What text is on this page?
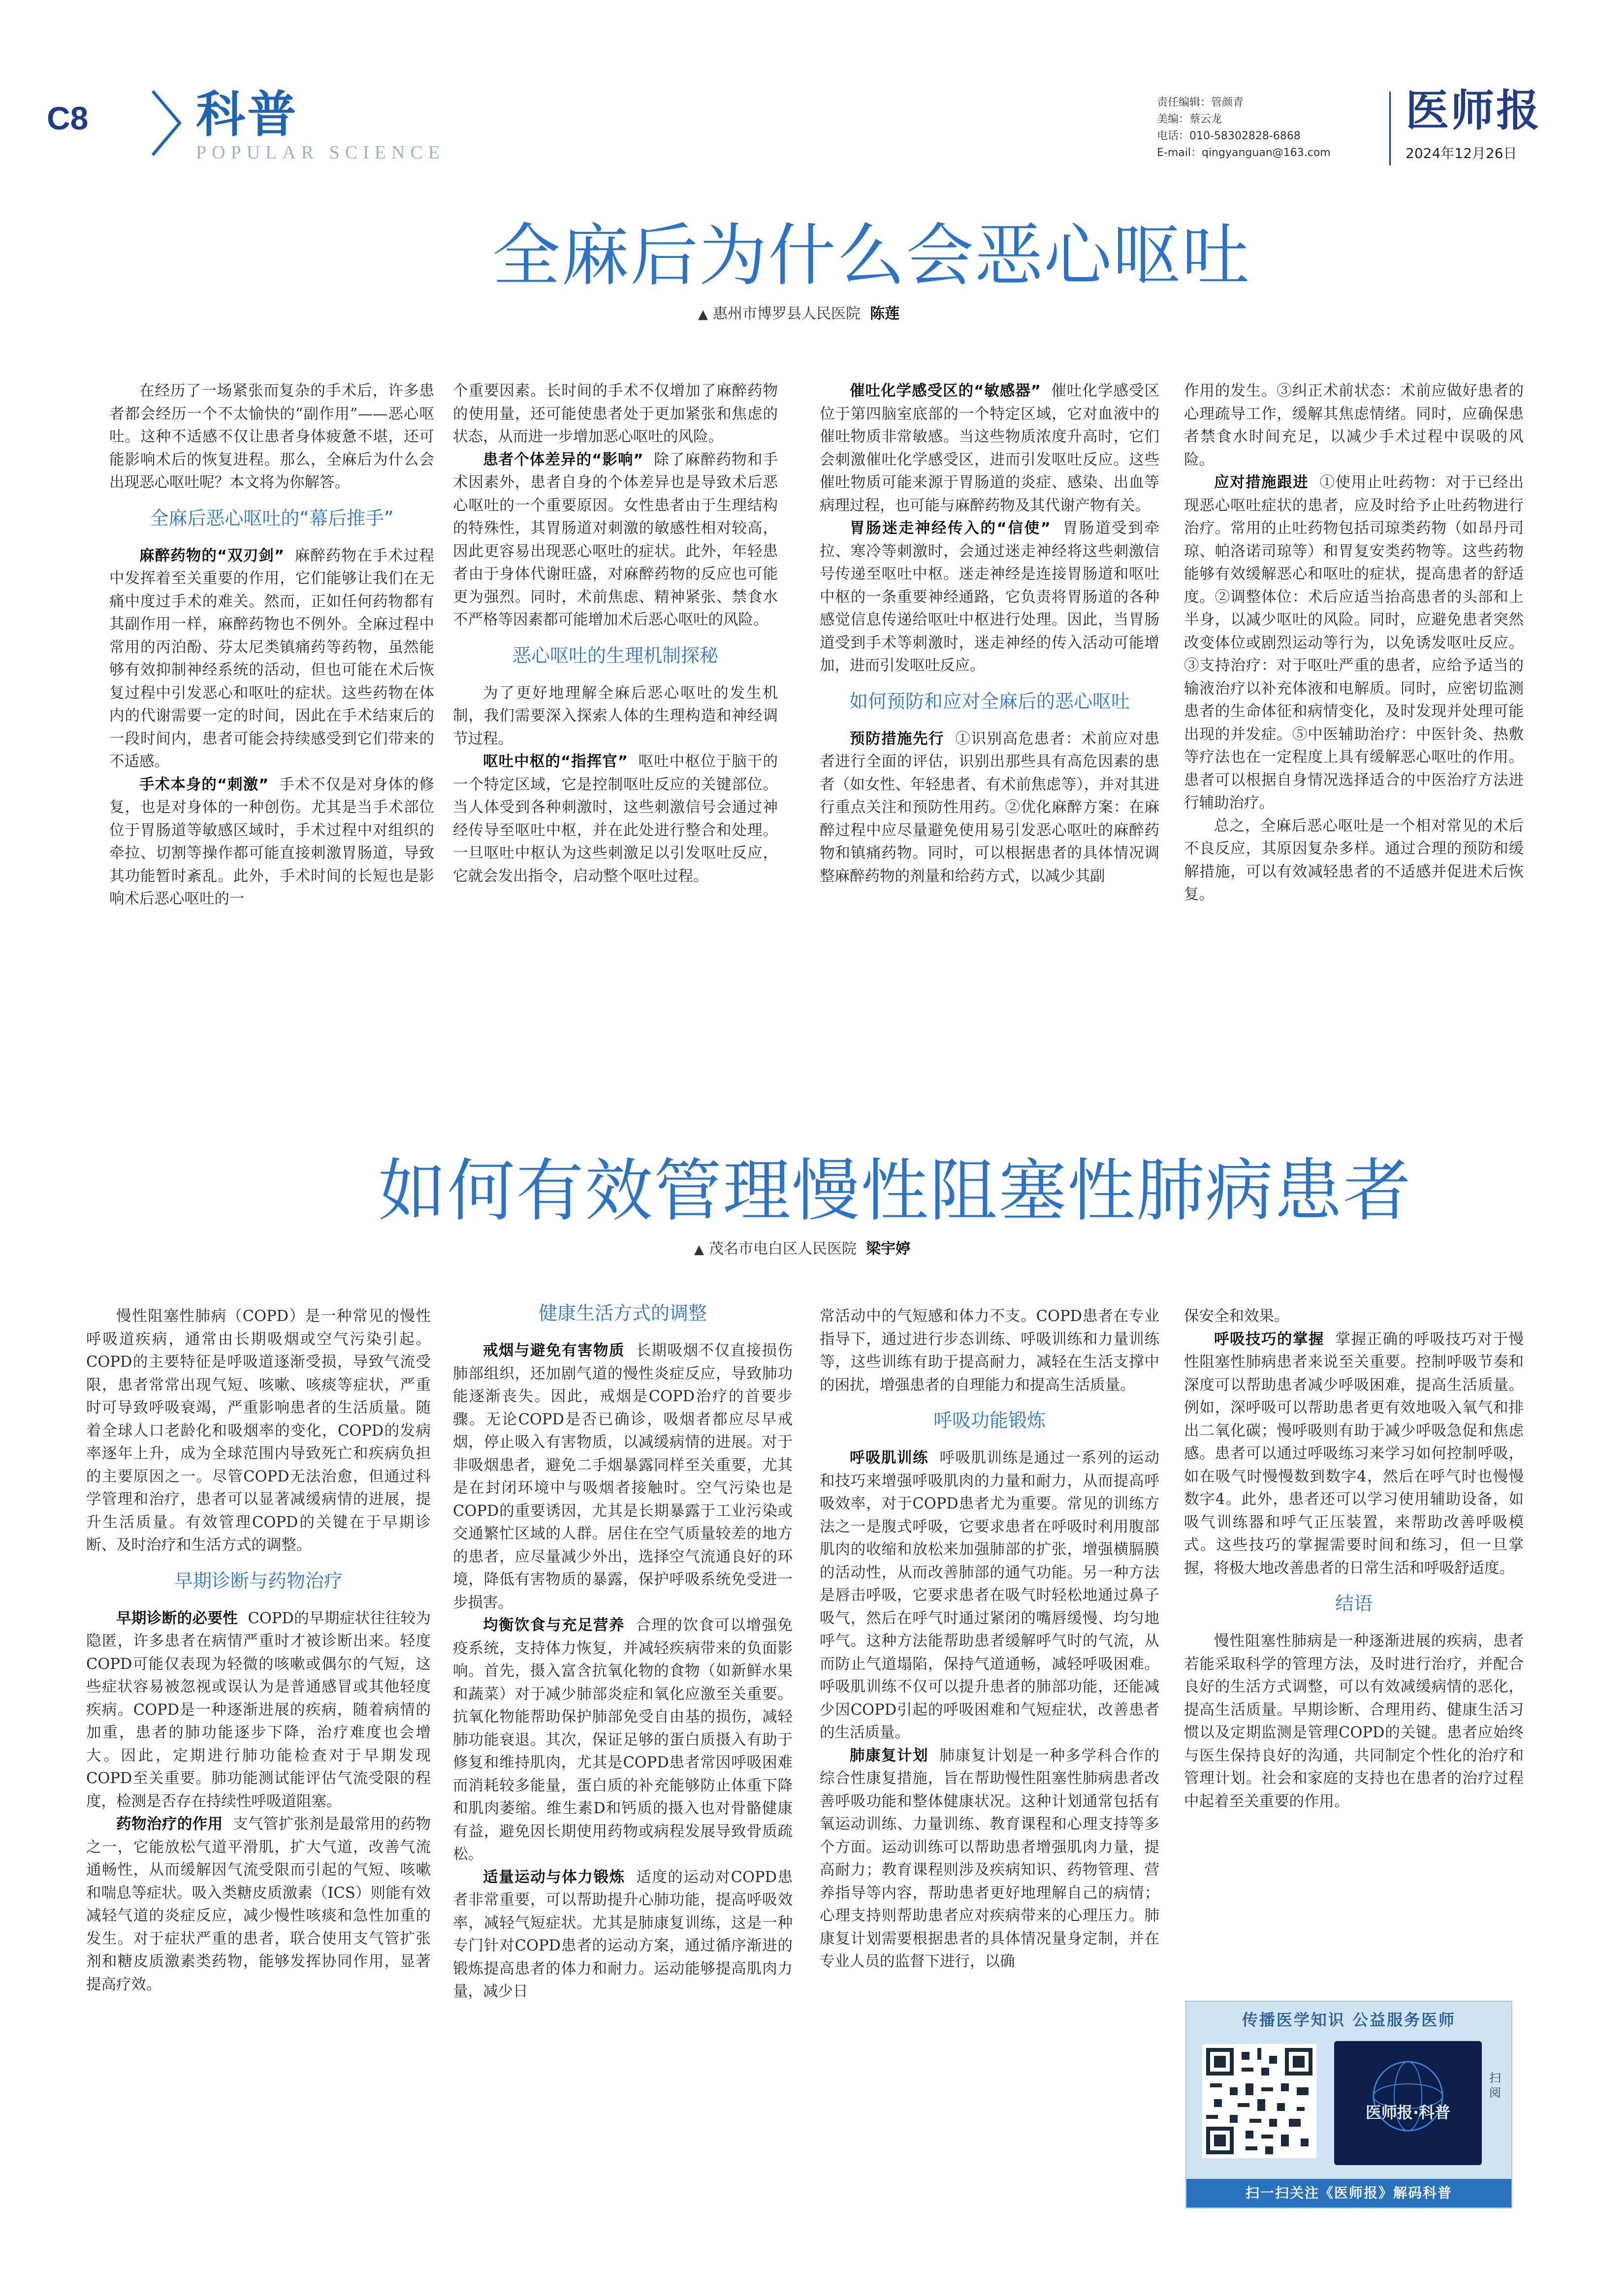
C8 科普
POPULAR SCIENCE
责任编辑：管颜青
美编：蔡云龙
电话：010-58302828-6868
E-mail：qingyanguan@163.com
医师报
2024年12月26日
全麻后为什么会恶心呕吐
▲ 惠州市博罗县人民医院 陈莲

在经历了一场紧张而复杂的手术后，许多患者都会经历一个不太愉快的“副作用”——恶心呕吐。这种不适感不仅让患者身体疲惫不堪，还可能影响术后的恢复进程。那么，全麻后为什么会出现恶心呕吐呢？本文将为你解答。

全麻后恶心呕吐的“幕后推手”

麻醉药物的“双刃剑” 麻醉药物在手术过程中发挥着至关重要的作用，它们能够让我们在无痛中度过手术的难关。然而，正如任何药物都有其副作用一样，麻醉药物也不例外。全麻过程中常用的丙泊酚、芬太尼类镇痛药等药物，虽然能够有效抑制神经系统的活动，但也可能在术后恢复过程中引发恶心和呕吐的症状。这些药物在体内的代谢需要一定的时间，因此在手术结束后的一段时间内，患者可能会持续感受到它们带来的不适感。

手术本身的“刺激” 手术不仅是对身体的修复，也是对身体的一种创伤。尤其是当手术部位位于胃肠道等敏感区域时，手术过程中对组织的牵拉、切割等操作都可能直接刺激胃肠道，导致其功能暂时紊乱。此外，手术时间的长短也是影响术后恶心呕吐的一

个重要因素。长时间的手术不仅增加了麻醉药物的使用量，还可能使患者处于更加紧张和焦虑的状态，从而进一步增加恶心呕吐的风险。

患者个体差异的“影响” 除了麻醉药物和手术因素外，患者自身的个体差异也是导致术后恶心呕吐的一个重要原因。女性患者由于生理结构的特殊性，其胃肠道对刺激的敏感性相对较高，因此更容易出现恶心呕吐的症状。此外，年轻患者由于身体代谢旺盛，对麻醉药物的反应也可能更为强烈。同时，术前焦虑、精神紧张、禁食水不严格等因素都可能增加术后恶心呕吐的风险。

恶心呕吐的生理机制探秘

为了更好地理解全麻后恶心呕吐的发生机制，我们需要深入探索人体的生理构造和神经调节过程。

呕吐中枢的“指挥官” 呕吐中枢位于脑干的一个特定区域，它是控制呕吐反应的关键部位。当人体受到各种刺激时，这些刺激信号会通过神经传导至呕吐中枢，并在此处进行整合和处理。一旦呕吐中枢认为这些刺激足以引发呕吐反应，它就会发出指令，启动整个呕吐过程。

催吐化学感受区的“敏感器” 催吐化学感受区位于第四脑室底部的一个特定区域，它对血液中的催吐物质非常敏感。当这些物质浓度升高时，它们会刺激催吐化学感受区，进而引发呕吐反应。这些催吐物质可能来源于胃肠道的炎症、感染、出血等病理过程，也可能与麻醉药物及其代谢产物有关。

胃肠迷走神经传入的“信使” 胃肠道受到牵拉、寒冷等刺激时，会通过迷走神经将这些刺激信号传递至呕吐中枢。迷走神经是连接胃肠道和呕吐中枢的一条重要神经通路，它负责将胃肠道的各种感觉信息传递给呕吐中枢进行处理。因此，当胃肠道受到手术等刺激时，迷走神经的传入活动可能增加，进而引发呕吐反应。

如何预防和应对全麻后的恶心呕吐

预防措施先行 ①识别高危患者：术前应对患者进行全面的评估，识别出那些具有高危因素的患者（如女性、年轻患者、有术前焦虑等），并对其进行重点关注和预防性用药。②优化麻醉方案：在麻醉过程中应尽量避免使用易引发恶心呕吐的麻醉药物和镇痛药物。同时，可以根据患者的具体情况调整麻醉药物的剂量和给药方式，以减少其副

作用的发生。③纠正术前状态：术前应做好患者的心理疏导工作，缓解其焦虑情绪。同时，应确保患者禁食水时间充足，以减少手术过程中误吸的风险。

应对措施跟进 ①使用止吐药物：对于已经出现恶心呕吐症状的患者，应及时给予止吐药物进行治疗。常用的止吐药物包括司琼类药物（如昂丹司琼、帕洛诺司琼等）和胃复安类药物等。这些药物能够有效缓解恶心和呕吐的症状，提高患者的舒适度。②调整体位：术后应适当抬高患者的头部和上半身，以减少呕吐的风险。同时，应避免患者突然改变体位或剧烈运动等行为，以免诱发呕吐反应。③支持治疗：对于呕吐严重的患者，应给予适当的输液治疗以补充体液和电解质。同时，应密切监测患者的生命体征和病情变化，及时发现并处理可能出现的并发症。⑤中医辅助治疗：中医针灸、热敷等疗法也在一定程度上具有缓解恶心呕吐的作用。患者可以根据自身情况选择适合的中医治疗方法进行辅助治疗。

总之，全麻后恶心呕吐是一个相对常见的术后不良反应，其原因复杂多样。通过合理的预防和缓解措施，可以有效减轻患者的不适感并促进术后恢复。

如何有效管理慢性阻塞性肺病患者
▲ 茂名市电白区人民医院 梁宇婷

慢性阻塞性肺病（COPD）是一种常见的慢性呼吸道疾病，通常由长期吸烟或空气污染引起。COPD的主要特征是呼吸道逐渐受损，导致气流受限，患者常常出现气短、咳嗽、咳痰等症状，严重时可导致呼吸衰竭，严重影响患者的生活质量。随着全球人口老龄化和吸烟率的变化，COPD的发病率逐年上升，成为全球范围内导致死亡和疾病负担的主要原因之一。尽管COPD无法治愈，但通过科学管理和治疗，患者可以显著减缓病情的进展，提升生活质量。有效管理COPD的关键在于早期诊断、及时治疗和生活方式的调整。

早期诊断与药物治疗

早期诊断的必要性 COPD的早期症状往往较为隐匿，许多患者在病情严重时才被诊断出来。轻度COPD可能仅表现为轻微的咳嗽或偶尔的气短，这些症状容易被忽视或误认为是普通感冒或其他轻度疾病。COPD是一种逐渐进展的疾病，随着病情的加重，患者的肺功能逐步下降，治疗难度也会增大。因此，定期进行肺功能检查对于早期发现COPD至关重要。肺功能测试能评估气流受限的程度，检测是否存在持续性呼吸道阻塞。

药物治疗的作用 支气管扩张剂是最常用的药物之一，它能放松气道平滑肌，扩大气道，改善气流通畅性，从而缓解因气流受限而引起的气短、咳嗽和喘息等症状。吸入类糖皮质激素（ICS）则能有效减轻气道的炎症反应，减少慢性咳痰和急性加重的发生。对于症状严重的患者，联合使用支气管扩张剂和糖皮质激素类药物，能够发挥协同作用，显著提高疗效。

健康生活方式的调整

戒烟与避免有害物质 长期吸烟不仅直接损伤肺部组织，还加剧气道的慢性炎症反应，导致肺功能逐渐丧失。因此，戒烟是COPD治疗的首要步骤。无论COPD是否已确诊，吸烟者都应尽早戒烟，停止吸入有害物质，以减缓病情的进展。对于非吸烟患者，避免二手烟暴露同样至关重要，尤其是在封闭环境中与吸烟者接触时。空气污染也是COPD的重要诱因，尤其是长期暴露于工业污染或交通繁忙区域的人群。居住在空气质量较差的地方的患者，应尽量减少外出，选择空气流通良好的环境，降低有害物质的暴露，保护呼吸系统免受进一步损害。

均衡饮食与充足营养 合理的饮食可以增强免疫系统，支持体力恢复，并减轻疾病带来的负面影响。首先，摄入富含抗氧化物的食物（如新鲜水果和蔬菜）对于减少肺部炎症和氧化应激至关重要。抗氧化物能帮助保护肺部免受自由基的损伤，减轻肺功能衰退。其次，保证足够的蛋白质摄入有助于修复和维持肌肉，尤其是COPD患者常因呼吸困难而消耗较多能量，蛋白质的补充能够防止体重下降和肌肉萎缩。维生素D和钙质的摄入也对骨骼健康有益，避免因长期使用药物或病程发展导致骨质疏松。

适量运动与体力锻炼 适度的运动对COPD患者非常重要，可以帮助提升心肺功能，提高呼吸效率，减轻气短症状。尤其是肺康复训练，这是一种专门针对COPD患者的运动方案，通过循序渐进的锻炼提高患者的体力和耐力。运动能够提高肌肉力量，减少日

常活动中的气短感和体力不支。COPD患者在专业指导下，通过进行步态训练、呼吸训练和力量训练等，这些训练有助于提高耐力，减轻在生活支撑中的困扰，增强患者的自理能力和提高生活质量。

呼吸功能锻炼

呼吸肌训练 呼吸肌训练是通过一系列的运动和技巧来增强呼吸肌肉的力量和耐力，从而提高呼吸效率，对于COPD患者尤为重要。常见的训练方法之一是腹式呼吸，它要求患者在呼吸时利用腹部肌肉的收缩和放松来加强肺部的扩张，增强横膈膜的活动性，从而改善肺部的通气功能。另一种方法是唇击呼吸，它要求患者在吸气时轻松地通过鼻子吸气，然后在呼气时通过紧闭的嘴唇缓慢、均匀地呼气。这种方法能帮助患者缓解呼气时的气流，从而防止气道塌陷，保持气道通畅，减轻呼吸困难。呼吸肌训练不仅可以提升患者的肺部功能，还能减少因COPD引起的呼吸困难和气短症状，改善患者的生活质量。

肺康复计划 肺康复计划是一种多学科合作的综合性康复措施，旨在帮助慢性阻塞性肺病患者改善呼吸功能和整体健康状况。这种计划通常包括有氧运动训练、力量训练、教育课程和心理支持等多个方面。运动训练可以帮助患者增强肌肉力量，提高耐力；教育课程则涉及疾病知识、药物管理、营养指导等内容，帮助患者更好地理解自己的病情；心理支持则帮助患者应对疾病带来的心理压力。肺康复计划需要根据患者的具体情况量身定制，并在专业人员的监督下进行，以确

保安全和效果。

呼吸技巧的掌握 掌握正确的呼吸技巧对于慢性阻塞性肺病患者来说至关重要。控制呼吸节奏和深度可以帮助患者减少呼吸困难，提高生活质量。例如，深呼吸可以帮助患者更有效地吸入氧气和排出二氧化碳；慢呼吸则有助于减少呼吸急促和焦虑感。患者可以通过呼吸练习来学习如何控制呼吸，如在吸气时慢慢数到数字4，然后在呼气时也慢慢数字4。此外，患者还可以学习使用辅助设备，如吸气训练器和呼气正压装置，来帮助改善呼吸模式。这些技巧的掌握需要时间和练习，但一旦掌握，将极大地改善患者的日常生活和呼吸舒适度。

结语

慢性阻塞性肺病是一种逐渐进展的疾病，患者若能采取科学的管理方法，及时进行治疗，并配合良好的生活方式调整，可以有效减缓病情的恶化，提高生活质量。早期诊断、合理用药、健康生活习惯以及定期监测是管理COPD的关键。患者应始终与医生保持良好的沟通，共同制定个性化的治疗和管理计划。社会和家庭的支持也在患者的治疗过程中起着至关重要的作用。

传播医学知识 公益服务医师
医师报·科普
扫阅
扫一扫关注《医师报》解码科普
